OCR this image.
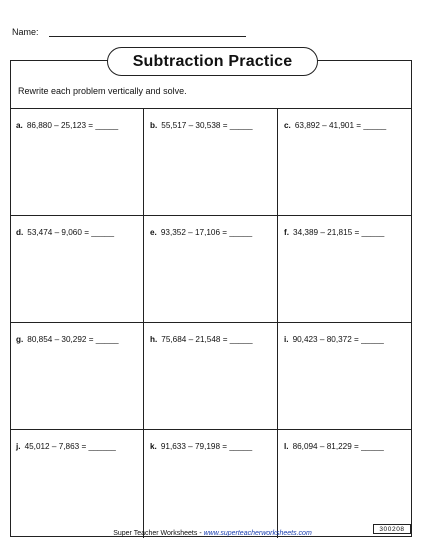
Name:
Subtraction Practice
Rewrite each problem vertically and solve.
a. 86,880 – 25,123 = _____	b. 55,517 – 30,538 = _____	c. 63,892 – 41,901 = _____
d. 53,474 – 9,060 = _____	e. 93,352 – 17,106 = _____	f. 34,389 – 21,815 = _____
g. 80,854 – 30,292 = _____	h. 75,684 – 21,548 = _____	i. 90,423 – 80,372 = _____
j. 45,012 – 7,863 = ______	k. 91,633 – 79,198 = _____	l. 86,094 – 81,229 = _____
Super Teacher Worksheets - www.superteacherworksheets.com
300208
